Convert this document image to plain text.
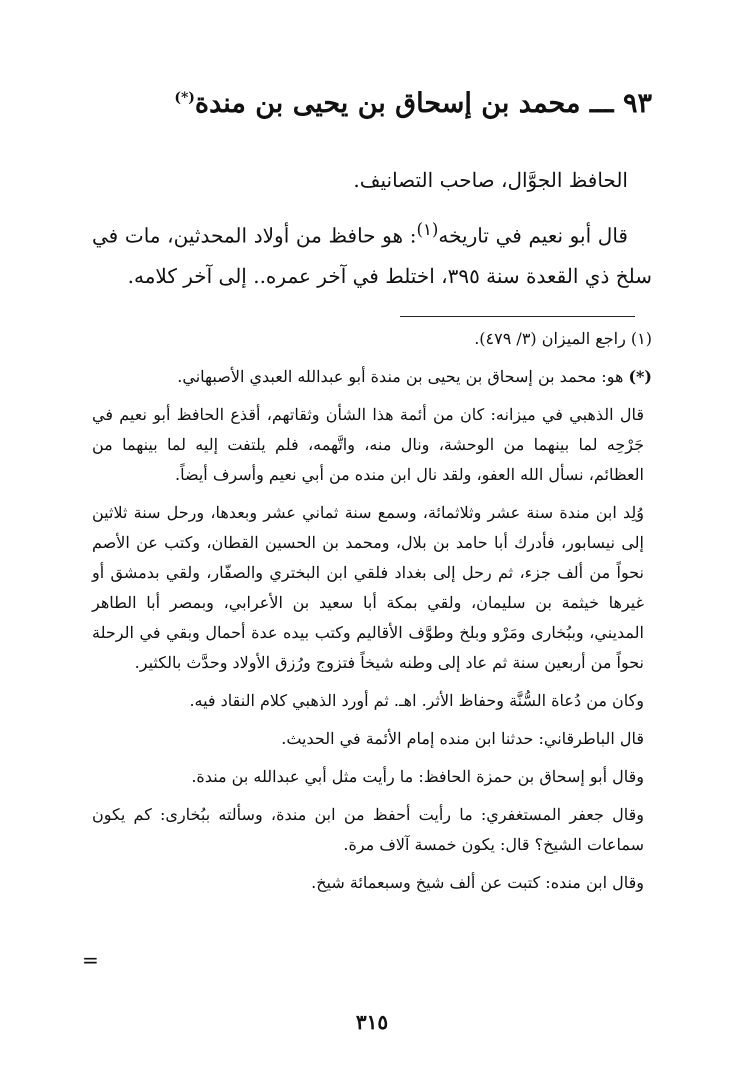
٩٣ ـــ محمد بن إسحاق بن يحيى بن مندة(*)

الحافظ الجوَّال، صاحب التصانيف.

قال أبو نعيم في تاريخه$^{(١)}$: هو حافظ من أولاد المحدثين، مات في سلخ ذي القعدة سنة ٣٩٥، اختلط في آخر عمره.. إلى آخر كلامه.

(١) راجع الميزان (٣/ ٤٧٩).

(*) هو: محمد بن إسحاق بن يحيى بن مندة أبو عبدالله العبدي الأصبهاني.

قال الذهبي في ميزانه: كان من أئمة هذا الشأن وثقاتهم، أقذع الحافظ أبو نعيم في جَرْحِه لما بينهما من الوحشة، ونال منه، واتَّهمه، فلم يلتفت إليه لما بينهما من العظائم، نسأل الله العفو، ولقد نال ابن منده من أبي نعيم وأسرف أيضاً.

وُلِد ابن مندة سنة عشر وثلاثمائة، وسمع سنة ثماني عشر وبعدها، ورحل سنة ثلاثين إلى نيسابور، فأدرك أبا حامد بن بلال، ومحمد بن الحسين القطان، وكتب عن الأصم نحواً من ألف جزء، ثم رحل إلى بغداد فلقي ابن البختري والصفّار، ولقي بدمشق أو غيرها خيثمة بن سليمان، ولقي بمكة أبا سعيد بن الأعرابي، وبمصر أبا الطاهر المديني، وببُخارى ومَرْو وبلخ وطوَّف الأقاليم وكتب بيده عدة أحمال وبقي في الرحلة نحواً من أربعين سنة ثم عاد إلى وطنه شيخاً فتزوج ورُزق الأولاد وحدَّث بالكثير.

وكان من دُعاة السُّنَّة وحفاظ الأثر. اهـ. ثم أورد الذهبي كلام النقاد فيه.

قال الباطرقاني: حدثنا ابن منده إمام الأئمة في الحديث.

وقال أبو إسحاق بن حمزة الحافظ: ما رأيت مثل أبي عبدالله بن مندة.

وقال جعفر المستغفري: ما رأيت أحفظ من ابن مندة، وسألته ببُخارى: كم يكون سماعات الشيخ؟ قال: يكون خمسة آلاف مرة.

وقال ابن منده: كتبت عن ألف شيخ وسبعمائة شيخ.

=
٣١٥
